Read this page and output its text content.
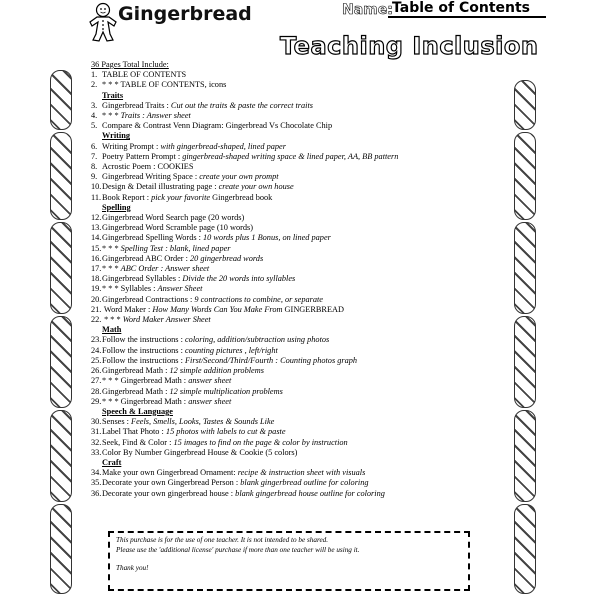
Gingerbread	Name: Table of Contents
Teaching Inclusion
36 Pages Total Include:
1. TABLE OF CONTENTS
2. * * * TABLE OF CONTENTS, icons
Traits
3. Gingerbread Traits : Cut out the traits & paste the correct traits
4. * * * Traits : Answer sheet
5. Compare & Contrast Venn Diagram: Gingerbread Vs Chocolate Chip
Writing
6. Writing Prompt : with gingerbread-shaped, lined paper
7. Poetry Pattern Prompt : gingerbread-shaped writing space & lined paper, AA, BB pattern
8. Acrostic Poem : COOKIES
9. Gingerbread Writing Space : create your own prompt
10.Design & Detail illustrating page : create your own house
11.Book Report : pick your favorite Gingerbread book
Spelling
12.Gingerbread Word Search page (20 words)
13.Gingerbread Word Scramble page (10 words)
14.Gingerbread Spelling Words : 10 words plus 1 Bonus, on lined paper
15.* * * Spelling Test : blank, lined paper
16.Gingerbread ABC Order : 20 gingerbread words
17.* * * ABC Order : Answer sheet
18.Gingerbread Syllables : Divide the 20 words into syllables
19.* * * Syllables : Answer Sheet
20.Gingerbread Contractions : 9 contractions to combine, or separate
21. Word Maker : How Many Words Can You Make From GINGERBREAD
22. * * * Word Maker Answer Sheet
Math
23.Follow the instructions : coloring, addition/subtraction using photos
24.Follow the instructions : counting pictures , left/right
25.Follow the instructions : First/Second/Third/Fourth : Counting photos graph
26.Gingerbread Math : 12 simple addition problems
27.* * * Gingerbread Math : answer sheet
28.Gingerbread Math : 12 simple multiplication problems
29.* * * Gingerbread Math : answer sheet
Speech & Language
30.Senses : Feels, Smells, Looks, Tastes & Sounds Like
31.Label That Photo : 15 photos with labels to cut & paste
32.Seek, Find & Color : 15 images to find on the page & color by instruction
33.Color By Number Gingerbread House & Cookie (5 colors)
Craft
34.Make your own Gingerbread Ornament: recipe & instruction sheet with visuals
35.Decorate your own Gingerbread Person : blank gingerbread outline for coloring
36.Decorate your own gingerbread house : blank gingerbread house outline for coloring

This purchase is for the use of one teacher. It is not intended to be shared.

Please use the 'additional license' purchase if more than one teacher will be using it.

Thank you!
